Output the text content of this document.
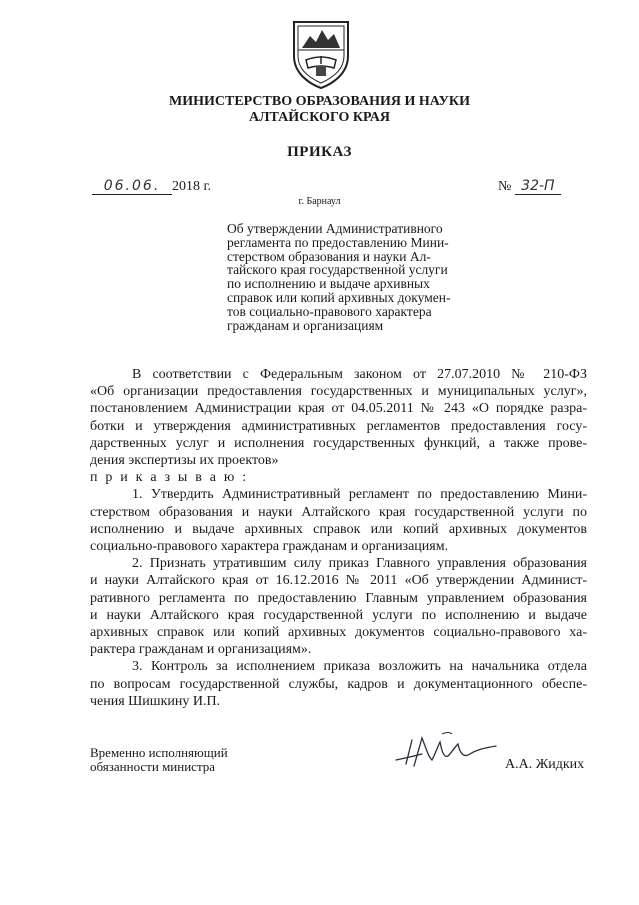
МИНИСТЕРСТВО ОБРАЗОВАНИЯ И НАУКИ
АЛТАЙСКОГО КРАЯ
ПРИКАЗ
06.06. 2018 г.	№ 32-П
г. Барнаул
Об утверждении Административного
регламента по предоставлению Мини-
стерством образования и науки Ал-
тайского края государственной услуги
по исполнению и выдаче архивных
справок или копий архивных докумен-
тов социально-правового характера
гражданам и организациям
В соответствии с Федеральным законом от 27.07.2010 № 210-ФЗ
«Об организации предоставления государственных и муниципальных услуг»,
постановлением Администрации края от 04.05.2011 № 243 «О порядке разра-
ботки и утверждения административных регламентов предоставления госу-
дарственных услуг и исполнения государственных функций, а также прове-
дения экспертизы их проектов»
п р и к а з ы в а ю :
1. Утвердить Административный регламент по предоставлению Мини-
стерством образования и науки Алтайского края государственной услуги по
исполнению и выдаче архивных справок или копий архивных документов
социально-правового характера гражданам и организациям.
2. Признать утратившим силу приказ Главного управления образования
и науки Алтайского края от 16.12.2016 № 2011 «Об утверждении Админист-
ративного регламента по предоставлению Главным управлением образования
и науки Алтайского края государственной услуги по исполнению и выдаче
архивных справок или копий архивных документов социально-правового ха-
рактера гражданам и организациям».
3. Контроль за исполнением приказа возложить на начальника отдела
по вопросам государственной службы, кадров и документационного обеспе-
чения Шишкину И.П.
Временно исполняющий
обязанности министра	А.А. Жидких
